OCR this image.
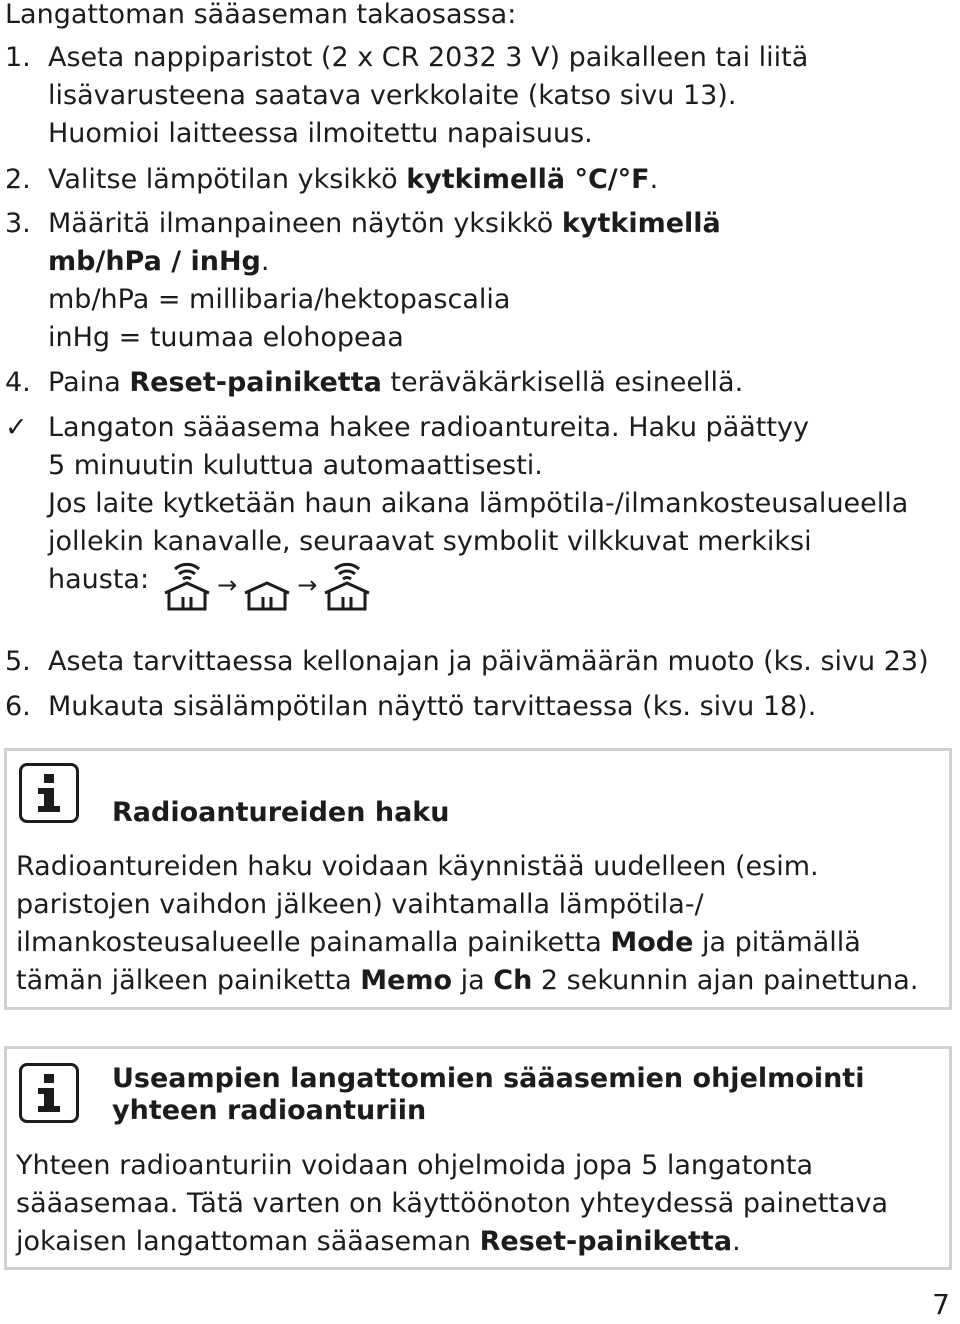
Langattoman sääaseman takaosassa:
1. Aseta nappiparistot (2 x CR 2032 3 V) paikalleen tai liitä
lisävarusteena saatava verkkolaite (katso sivu 13).
Huomioi laitteessa ilmoitettu napaisuus.
2. Valitse lämpötilan yksikkö kytkimellä °C/°F.
3. Määritä ilmanpaineen näytön yksikkö kytkimellä
mb/hPa / inHg.
mb/hPa = millibaria/hektopascalia
inHg = tuumaa elohopeaa
4. Paina Reset-painiketta teräväkärkisellä esineellä.
✓ Langaton sääasema hakee radioantureita. Haku päättyy
5 minuutin kuluttua automaattisesti.
Jos laite kytketään haun aikana lämpötila-/ilmankosteusalueella
jollekin kanavalle, seuraavat symbolit vilkkuvat merkiksi
hausta:	→	→
5. Aseta tarvittaessa kellonajan ja päivämäärän muoto (ks. sivu 23)
6. Mukauta sisälämpötilan näyttö tarvittaessa (ks. sivu 18).
Radioantureiden haku
Radioantureiden haku voidaan käynnistää uudelleen (esim.
paristojen vaihdon jälkeen) vaihtamalla lämpötila-/
ilmankosteusalueelle painamalla painiketta Mode ja pitämällä
tämän jälkeen painiketta Memo ja Ch 2 sekunnin ajan painettuna.
Useampien langattomien sääasemien ohjelmointi
yhteen radioanturiin
Yhteen radioanturiin voidaan ohjelmoida jopa 5 langatonta
sääasemaa. Tätä varten on käyttöönoton yhteydessä painettava
jokaisen langattoman sääaseman Reset-painiketta.
7
